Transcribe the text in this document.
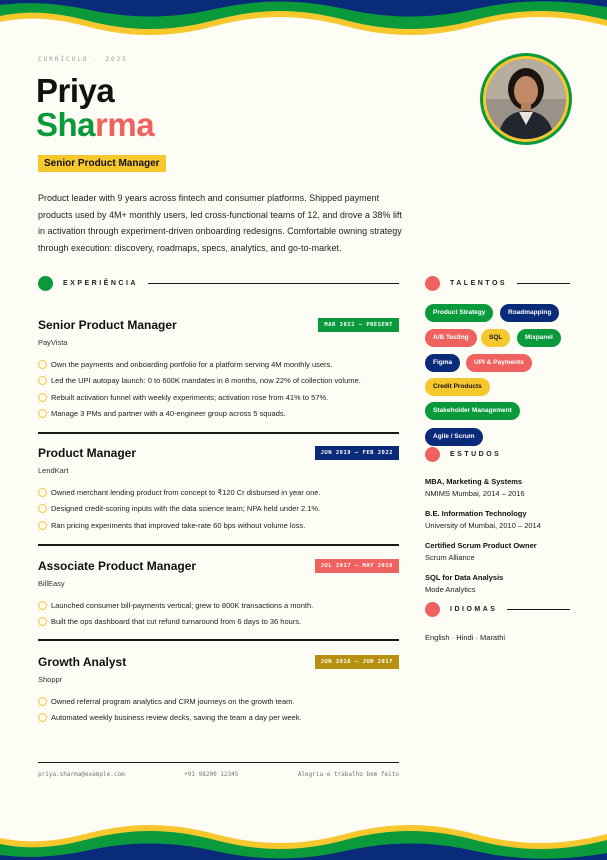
CURRÍCULO · 2025
Priya
Sharma
Senior Product Manager
Product leader with 9 years across fintech and consumer platforms. Shipped payment products used by 4M+ monthly users, led cross-functional teams of 12, and drove a 38% lift in activation through experiment-driven onboarding redesigns. Comfortable owning strategy through execution: discovery, roadmaps, specs, analytics, and go-to-market.
EXPERIÊNCIA
Senior Product Manager
PayVista
MAR 2022 — PRESENT
Own the payments and onboarding portfolio for a platform serving 4M monthly users.
Led the UPI autopay launch: 0 to 600K mandates in 8 months, now 22% of collection volume.
Rebuilt activation funnel with weekly experiments; activation rose from 41% to 57%.
Manage 3 PMs and partner with a 40-engineer group across 5 squads.
Product Manager
LendKart
JUN 2019 — FEB 2022
Owned merchant lending product from concept to ₹120 Cr disbursed in year one.
Designed credit-scoring inputs with the data science team; NPA held under 2.1%.
Ran pricing experiments that improved take-rate 60 bps without volume loss.
Associate Product Manager
BillEasy
JUL 2017 — MAY 2019
Launched consumer bill-payments vertical; grew to 800K transactions a month.
Built the ops dashboard that cut refund turnaround from 6 days to 36 hours.
Growth Analyst
Shoppr
JUN 2016 — JUN 2017
Owned referral program analytics and CRM journeys on the growth team.
Automated weekly business review decks, saving the team a day per week.
TALENTOS
Product Strategy	Roadmapping
A/B Testing	SQL	Mixpanel
Figma	UPI & Payments
Credit Products
Stakeholder Management
Agile / Scrum
ESTUDOS
MBA, Marketing & Systems
NMIMS Mumbai, 2014 – 2016
B.E. Information Technology
University of Mumbai, 2010 – 2014
Certified Scrum Product Owner
Scrum Alliance
SQL for Data Analysis
Mode Analytics
IDIOMAS
English · Hindi · Marathi
priya.sharma@example.com	+91 98200 12345	Alegria e trabalho bem feito
